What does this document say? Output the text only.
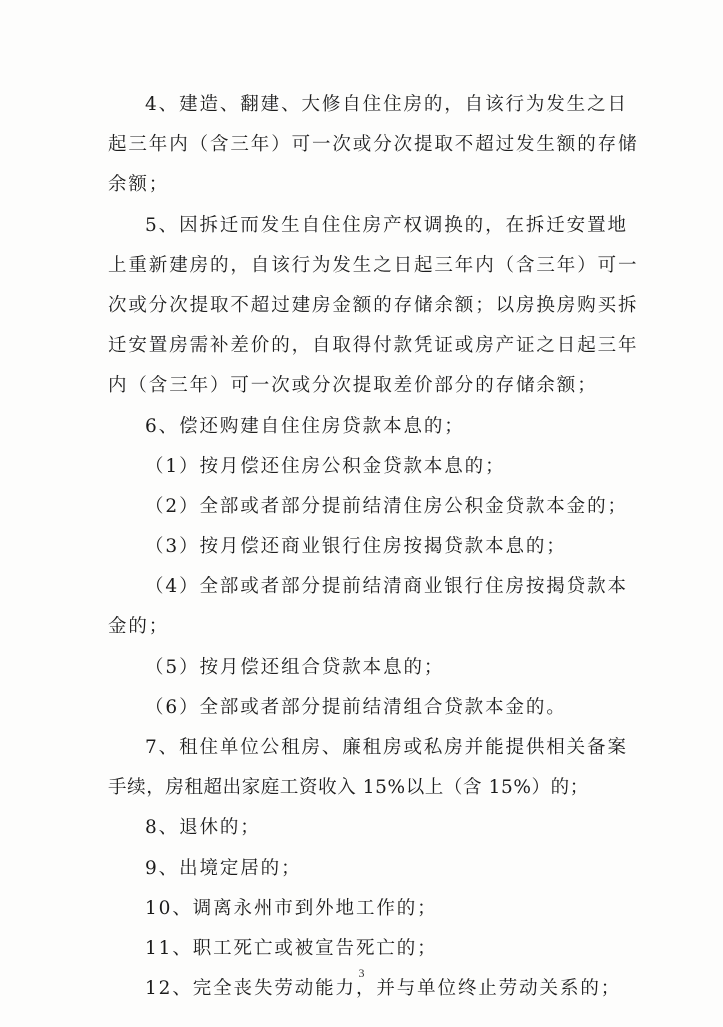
4、建造、翻建、大修自住住房的，自该行为发生之日
起三年内（含三年）可一次或分次提取不超过发生额的存储
余额；
5、因拆迁而发生自住住房产权调换的，在拆迁安置地
上重新建房的，自该行为发生之日起三年内（含三年）可一
次或分次提取不超过建房金额的存储余额；以房换房购买拆
迁安置房需补差价的，自取得付款凭证或房产证之日起三年
内（含三年）可一次或分次提取差价部分的存储余额；
6、偿还购建自住住房贷款本息的；
（1）按月偿还住房公积金贷款本息的；
（2）全部或者部分提前结清住房公积金贷款本金的；
（3）按月偿还商业银行住房按揭贷款本息的；
（4）全部或者部分提前结清商业银行住房按揭贷款本
金的；
（5）按月偿还组合贷款本息的；
（6）全部或者部分提前结清组合贷款本金的。
7、租住单位公租房、廉租房或私房并能提供相关备案
手续，房租超出家庭工资收入 15%以上（含 15%）的；
8、退休的；
9、出境定居的；
10、调离永州市到外地工作的；
11、职工死亡或被宣告死亡的；
12、完全丧失劳动能力，并与单位终止劳动关系的；
3
